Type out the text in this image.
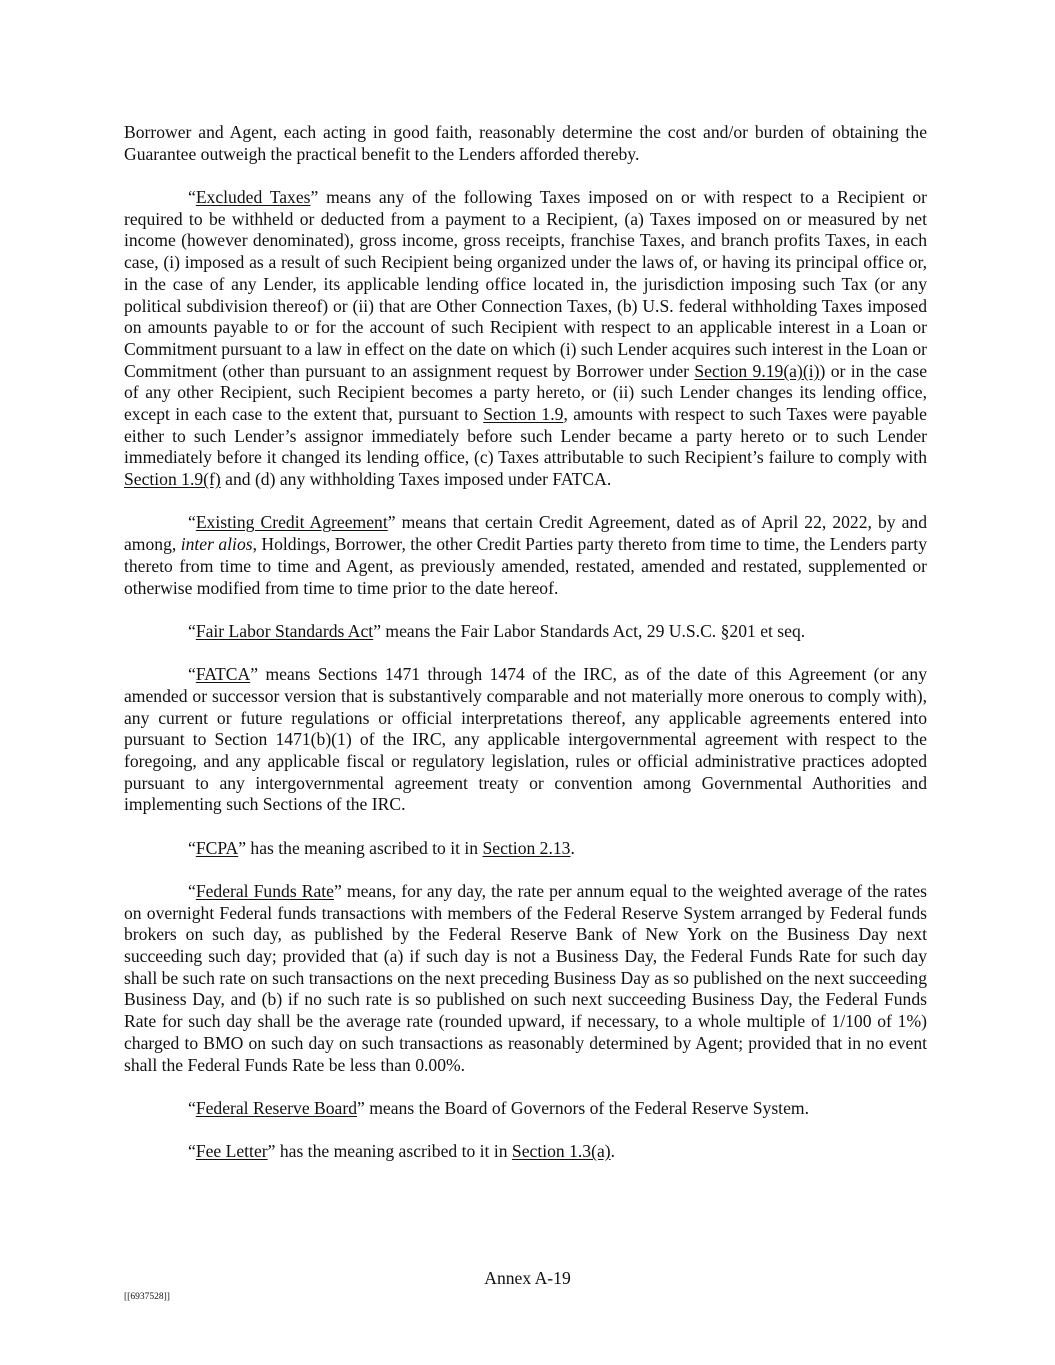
Borrower and Agent, each acting in good faith, reasonably determine the cost and/or burden of obtaining the Guarantee outweigh the practical benefit to the Lenders afforded thereby.

“Excluded Taxes” means any of the following Taxes imposed on or with respect to a Recipient or required to be withheld or deducted from a payment to a Recipient, (a) Taxes imposed on or measured by net income (however denominated), gross income, gross receipts, franchise Taxes, and branch profits Taxes, in each case, (i) imposed as a result of such Recipient being organized under the laws of, or having its principal office or, in the case of any Lender, its applicable lending office located in, the jurisdiction imposing such Tax (or any political subdivision thereof) or (ii) that are Other Connection Taxes, (b) U.S. federal withholding Taxes imposed on amounts payable to or for the account of such Recipient with respect to an applicable interest in a Loan or Commitment pursuant to a law in effect on the date on which (i) such Lender acquires such interest in the Loan or Commitment (other than pursuant to an assignment request by Borrower under Section 9.19(a)(i)) or in the case of any other Recipient, such Recipient becomes a party hereto, or (ii) such Lender changes its lending office, except in each case to the extent that, pursuant to Section 1.9, amounts with respect to such Taxes were payable either to such Lender’s assignor immediately before such Lender became a party hereto or to such Lender immediately before it changed its lending office, (c) Taxes attributable to such Recipient’s failure to comply with Section 1.9(f) and (d) any withholding Taxes imposed under FATCA.

“Existing Credit Agreement” means that certain Credit Agreement, dated as of April 22, 2022, by and among, inter alios, Holdings, Borrower, the other Credit Parties party thereto from time to time, the Lenders party thereto from time to time and Agent, as previously amended, restated, amended and restated, supplemented or otherwise modified from time to time prior to the date hereof.

“Fair Labor Standards Act” means the Fair Labor Standards Act, 29 U.S.C. §201 et seq.

“FATCA” means Sections 1471 through 1474 of the IRC, as of the date of this Agreement (or any amended or successor version that is substantively comparable and not materially more onerous to comply with), any current or future regulations or official interpretations thereof, any applicable agreements entered into pursuant to Section 1471(b)(1) of the IRC, any applicable intergovernmental agreement with respect to the foregoing, and any applicable fiscal or regulatory legislation, rules or official administrative practices adopted pursuant to any intergovernmental agreement treaty or convention among Governmental Authorities and implementing such Sections of the IRC.

“FCPA” has the meaning ascribed to it in Section 2.13.

“Federal Funds Rate” means, for any day, the rate per annum equal to the weighted average of the rates on overnight Federal funds transactions with members of the Federal Reserve System arranged by Federal funds brokers on such day, as published by the Federal Reserve Bank of New York on the Business Day next succeeding such day; provided that (a) if such day is not a Business Day, the Federal Funds Rate for such day shall be such rate on such transactions on the next preceding Business Day as so published on the next succeeding Business Day, and (b) if no such rate is so published on such next succeeding Business Day, the Federal Funds Rate for such day shall be the average rate (rounded upward, if necessary, to a whole multiple of 1/100 of 1%) charged to BMO on such day on such transactions as reasonably determined by Agent; provided that in no event shall the Federal Funds Rate be less than 0.00%.

“Federal Reserve Board” means the Board of Governors of the Federal Reserve System.

“Fee Letter” has the meaning ascribed to it in Section 1.3(a).

Annex A-19
[[6937528]]
